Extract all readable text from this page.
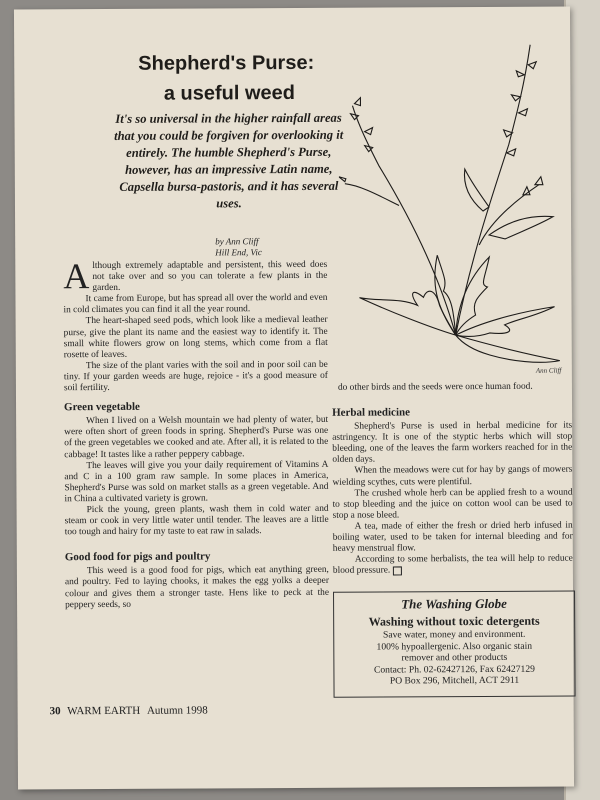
Shepherd's Purse:
a useful weed
It's so universal in the higher rainfall areas that you could be forgiven for overlooking it entirely. The humble Shepherd's Purse, however, has an impressive Latin name, Capsella bursa-pastoris, and it has several uses.
by Ann Cliff
Hill End, Vic
Ann Cliff

Although extremely adaptable and persistent, this weed does not take over and so you can tolerate a few plants in the garden.

It came from Europe, but has spread all over the world and even in cold climates you can find it all the year round.

The heart-shaped seed pods, which look like a medieval leather purse, give the plant its name and the easiest way to identify it. The small white flowers grow on long stems, which come from a flat rosette of leaves.

The size of the plant varies with the soil and in poor soil can be tiny. If your garden weeds are huge, rejoice - it's a good measure of soil fertility.

Green vegetable

When I lived on a Welsh mountain we had plenty of water, but were often short of green foods in spring. Shepherd's Purse was one of the green vegetables we cooked and ate. After all, it is related to the cabbage! It tastes like a rather peppery cabbage.

The leaves will give you your daily requirement of Vitamins A and C in a 100 gram raw sample. In some places in America, Shepherd's Purse was sold on market stalls as a green vegetable. And in China a cultivated variety is grown.

Pick the young, green plants, wash them in cold water and steam or cook in very little water until tender. The leaves are a little too tough and hairy for my taste to eat raw in salads.

Good food for pigs and poultry

This weed is a good food for pigs, which eat anything green, and poultry. Fed to laying chooks, it makes the egg yolks a deeper colour and gives them a stronger taste. Hens like to peck at the peppery seeds, so

do other birds and the seeds were once human food.
Herbal medicine

Shepherd's Purse is used in herbal medicine for its astringency. It is one of the styptic herbs which will stop bleeding, one of the leaves the farm workers reached for in the olden days.

When the meadows were cut for hay by gangs of mowers wielding scythes, cuts were plentiful.

The crushed whole herb can be applied fresh to a wound to stop bleeding and the juice on cotton wool can be used to stop a nose bleed.

A tea, made of either the fresh or dried herb infused in boiling water, used to be taken for internal bleeding and for heavy menstrual flow.

According to some herbalists, the tea will help to reduce blood pressure.

The Washing Globe
Washing without toxic detergents
Save water, money and environment.
100% hypoallergenic. Also organic stain
remover and other products
Contact: Ph. 02-62427126, Fax 62427129
PO Box 296, Mitchell, ACT 2911
30 WARM EARTH Autumn 1998
